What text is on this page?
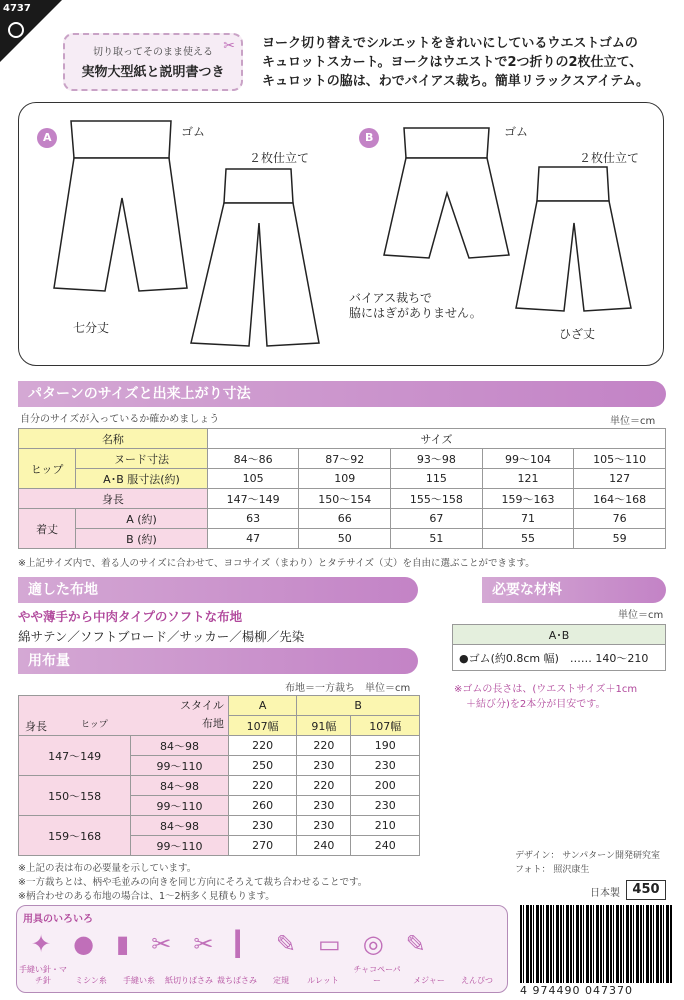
4737
切り取ってそのまま使える
実物大型紙と説明書つき
✂ ヨーク切り替えでシルエットをきれいにしているウエストゴムの
キュロットスカート。ヨークはウエストで2つ折りの2枚仕立て、
キュロットの脇は、わでバイアス裁ち。簡単リラックスアイテム。
A	B
ゴム	ゴム
２枚仕立て	２枚仕立て
七分丈
バイアス裁ちで
脇にはぎがありません。
ひざ丈
パターンのサイズと出来上がり寸法
自分のサイズが入っているか確かめましょう	単位＝cm
名称		サイズ				
ヒップ	ヌード寸法	84〜86	87〜92	93〜98	99〜104	105〜110
	A･B 服寸法(約)	105	109	115	121	127
身長		147〜149	150〜154	155〜158	159〜163	164〜168
着丈	A (約)	63	66	67	71	76
	B (約)	47	50	51	55	59
※上記サイズ内で、着る人のサイズに合わせて、ヨコサイズ（まわり）とタテサイズ（丈）を自由に選ぶことができます。
適した布地
やや薄手から中肉タイプのソフトな布地
綿サテン／ソフトブロード／サッカー／楊柳／先染
必要な材料
単位＝cm
A･B
●ゴム(約0.8cm 幅)　…… 140〜210
※ゴムの長さは、(ウエストサイズ＋1cm
＋結び分)を2本分が目安です。
用布量
布地＝一方裁ち　単位＝cm
スタイル
布地
身長 ヒップ		A	B	
		107幅	91幅	107幅
147〜149	84〜98	220	220	190
	99〜110	250	230	230
150〜158	84〜98	220	220	200
	99〜110	260	230	230
159〜168	84〜98	230	230	210
	99〜110	270	240	240
※上記の表は布の必要量を示しています。
※一方裁ちとは、柄や毛並みの向きを同じ方向にそろえて裁ち合わせることです。
※柄合わせのある布地の場合は、1〜2柄多く見積もります。
デザイン： サンパターン開発研究室
フォト： 照沢康生
日本製 450
用具のいろいろ
手縫い針・マチ針	ミシン糸	手縫い糸	紙切りばさみ 裁ちばさみ	定規	ルレット
チャコペーパー	メジャー	えんぴつ
✦●▮✂✂▎✎▭◎✎
4 974490 047370
